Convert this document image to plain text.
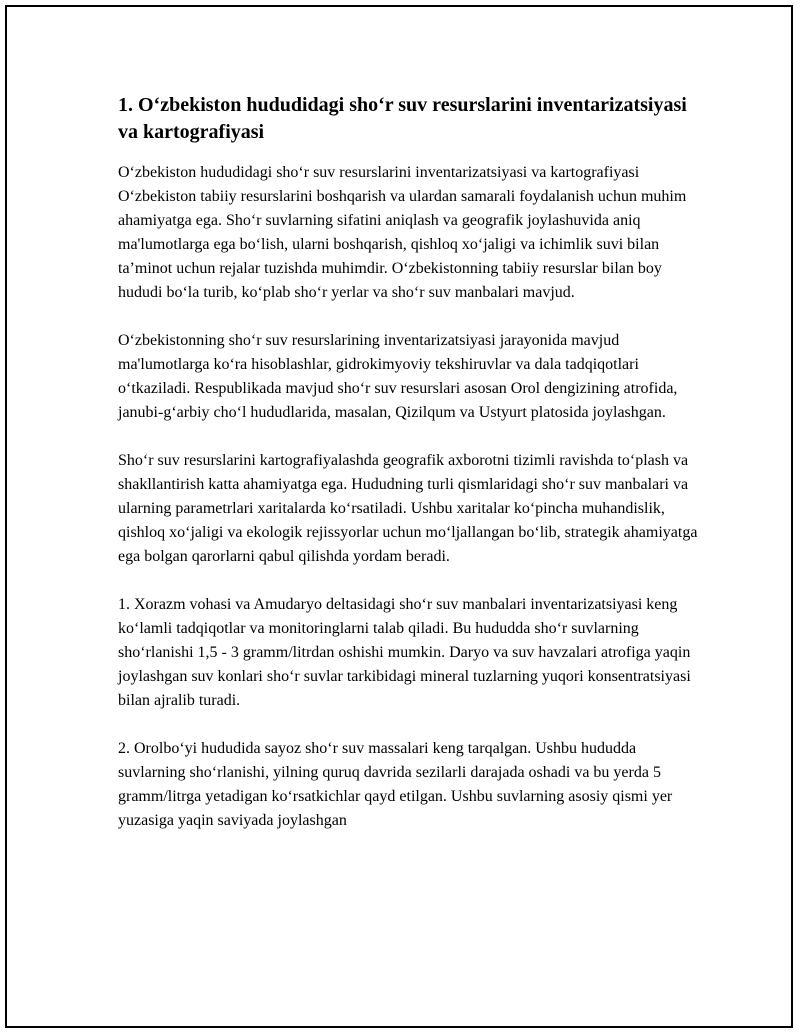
1. O‘zbekiston hududidagi sho‘r suv resurslarini inventarizatsiyasi va kartografiyasi

O‘zbekiston hududidagi sho‘r suv resurslarini inventarizatsiyasi va kartografiyasi O‘zbekiston tabiiy resurslarini boshqarish va ulardan samarali foydalanish uchun muhim ahamiyatga ega. Sho‘r suvlarning sifatini aniqlash va geografik joylashuvida aniq ma'lumotlarga ega bo‘lish, ularni boshqarish, qishloq xo‘jaligi va ichimlik suvi bilan ta’minot uchun rejalar tuzishda muhimdir. O‘zbekistonning tabiiy resurslar bilan boy hududi bo‘la turib, ko‘plab sho‘r yerlar va sho‘r suv manbalari mavjud.

O‘zbekistonning sho‘r suv resurslarining inventarizatsiyasi jarayonida mavjud ma'lumotlarga ko‘ra hisoblashlar, gidrokimyoviy tekshiruvlar va dala tadqiqotlari o‘tkaziladi. Respublikada mavjud sho‘r suv resurslari asosan Orol dengizining atrofida, janubi-g‘arbiy cho‘l hududlarida, masalan, Qizilqum va Ustyurt platosida joylashgan.

Sho‘r suv resurslarini kartografiyalashda geografik axborotni tizimli ravishda to‘plash va shakllantirish katta ahamiyatga ega. Hududning turli qismlaridagi sho‘r suv manbalari va ularning parametrlari xaritalarda ko‘rsatiladi. Ushbu xaritalar ko‘pincha muhandislik, qishloq xo‘jaligi va ekologik rejissyorlar uchun mo‘ljallangan bo‘lib, strategik ahamiyatga ega bolgan qarorlarni qabul qilishda yordam beradi.

1. Xorazm vohasi va Amudaryo deltasidagi sho‘r suv manbalari inventarizatsiyasi keng ko‘lamli tadqiqotlar va monitoringlarni talab qiladi. Bu hududda sho‘r suvlarning sho‘rlanishi 1,5 - 3 gramm/litrdan oshishi mumkin. Daryo va suv havzalari atrofiga yaqin joylashgan suv konlari sho‘r suvlar tarkibidagi mineral tuzlarning yuqori konsentratsiyasi bilan ajralib turadi.

2. Orolbo‘yi hududida sayoz sho‘r suv massalari keng tarqalgan. Ushbu hududda suvlarning sho‘rlanishi, yilning quruq davrida sezilarli darajada oshadi va bu yerda 5 gramm/litrga yetadigan ko‘rsatkichlar qayd etilgan. Ushbu suvlarning asosiy qismi yer yuzasiga yaqin saviyada joylashgan
